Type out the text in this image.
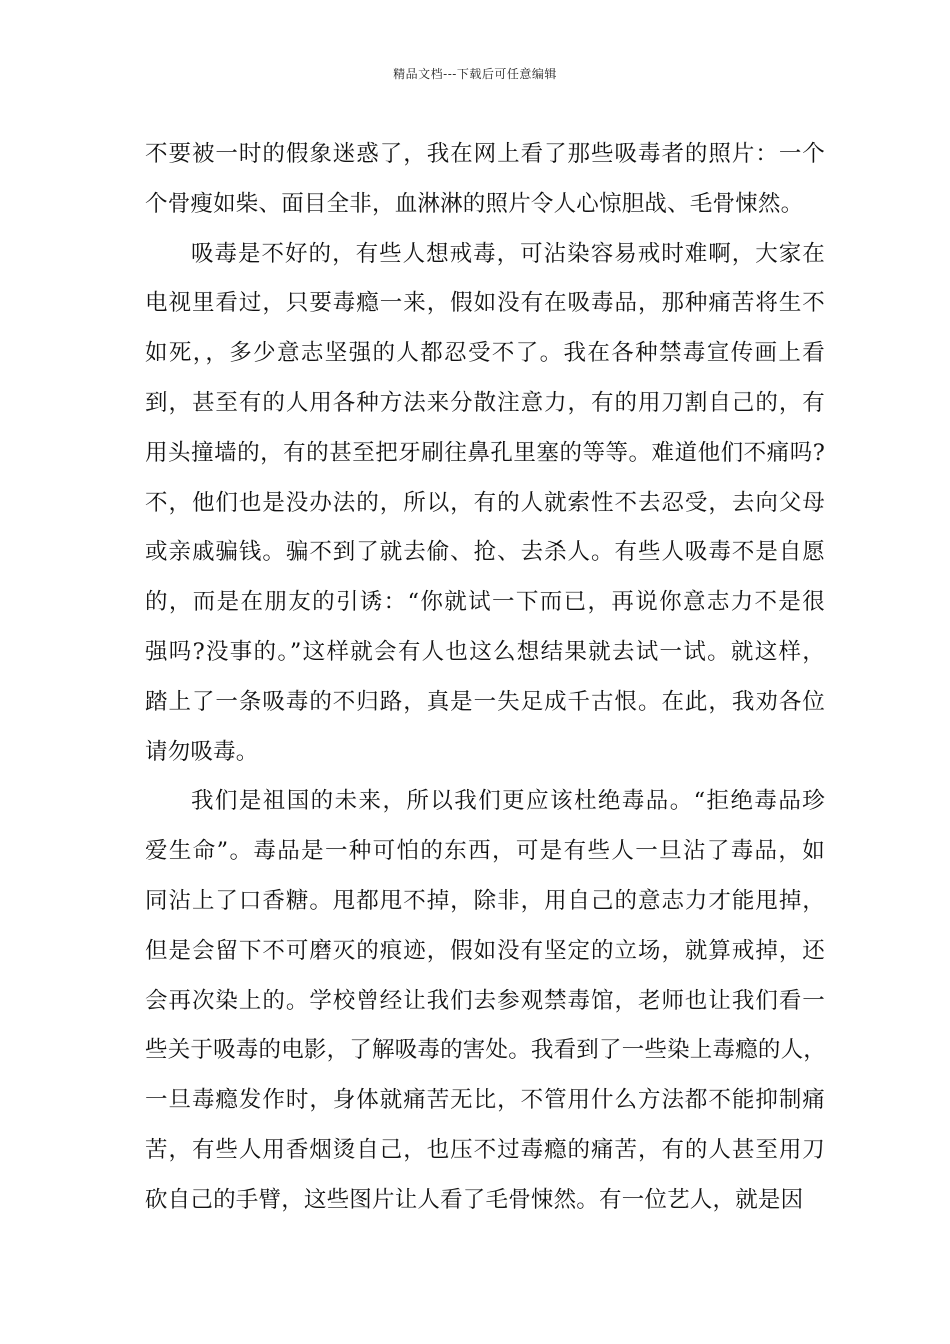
精品文档---下载后可任意编辑
不要被一时的假象迷惑了，我在网上看了那些吸毒者的照片：一个
个骨瘦如柴、面目全非，血淋淋的照片令人心惊胆战、毛骨悚然。
吸毒是不好的，有些人想戒毒，可沾染容易戒时难啊，大家在
电视里看过，只要毒瘾一来，假如没有在吸毒品，那种痛苦将生不
如死，，多少意志坚强的人都忍受不了。我在各种禁毒宣传画上看
到，甚至有的人用各种方法来分散注意力，有的用刀割自己的，有
用头撞墙的，有的甚至把牙刷往鼻孔里塞的等等。难道他们不痛吗?
不，他们也是没办法的，所以，有的人就索性不去忍受，去向父母
或亲戚骗钱。骗不到了就去偷、抢、去杀人。有些人吸毒不是自愿
的，而是在朋友的引诱：“你就试一下而已，再说你意志力不是很
强吗?没事的。”这样就会有人也这么想结果就去试一试。就这样，
踏上了一条吸毒的不归路，真是一失足成千古恨。在此，我劝各位
请勿吸毒。
我们是祖国的未来，所以我们更应该杜绝毒品。“拒绝毒品珍
爱生命”。毒品是一种可怕的东西，可是有些人一旦沾了毒品，如
同沾上了口香糖。甩都甩不掉，除非，用自己的意志力才能甩掉，
但是会留下不可磨灭的痕迹，假如没有坚定的立场，就算戒掉，还
会再次染上的。学校曾经让我们去参观禁毒馆，老师也让我们看一
些关于吸毒的电影，了解吸毒的害处。我看到了一些染上毒瘾的人，
一旦毒瘾发作时，身体就痛苦无比，不管用什么方法都不能抑制痛
苦，有些人用香烟烫自己，也压不过毒瘾的痛苦，有的人甚至用刀
砍自己的手臂，这些图片让人看了毛骨悚然。有一位艺人，就是因
